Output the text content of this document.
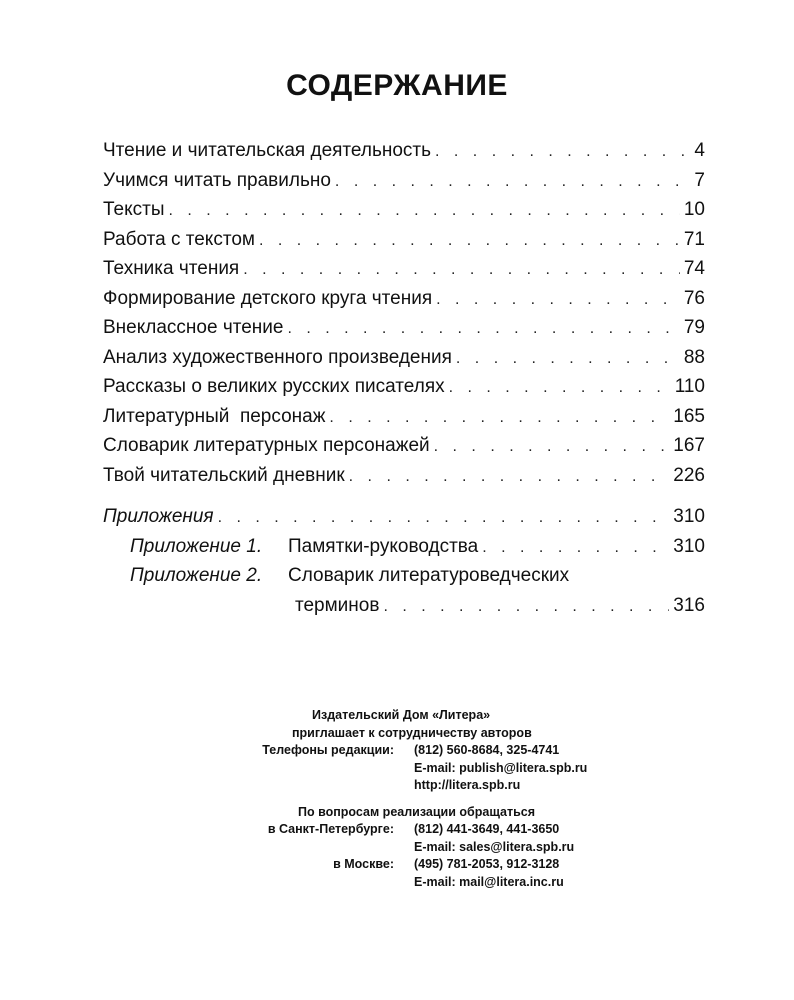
СОДЕРЖАНИЕ
Чтение и читательская деятельность . . .	4
Учимся читать правильно . . .	7
Тексты . . .	10
Работа с текстом . . .	71
Техника чтения . . .	74
Формирование детского круга чтения . . .	76
Внеклассное чтение . . .	79
Анализ художественного произведения . . .	88
Рассказы о великих русских писателях . . .	110
Литературный  персонаж . . .	165
Словарик литературных персонажей . . .	167
Твой читательский дневник . . .	226
Приложения . . .	310
Приложение 1. Памятки-руководства . . .	310
Приложение 2.	Словарик литературоведческих
терминов . . .	316
Издательский Дом «Литера»
приглашает к сотрудничеству авторов
Телефоны редакции: (812) 560-8684, 325-4741
E-mail: publish@litera.spb.ru
http://litera.spb.ru
По вопросам реализации обращаться
в Санкт-Петербурге: (812) 441-3649, 441-3650
E-mail: sales@litera.spb.ru
в Москве: (495) 781-2053, 912-3128
E-mail: mail@litera.inc.ru
